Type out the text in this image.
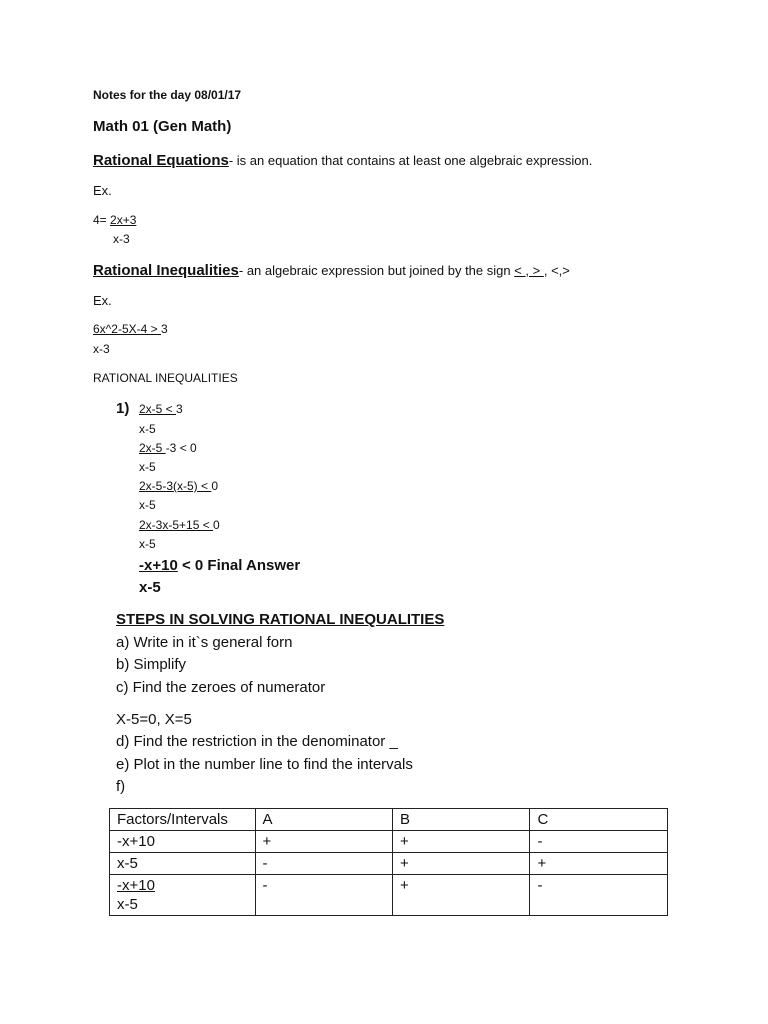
Notes for the day 08/01/17
Math 01 (Gen Math)
Rational Equations- is an equation that contains at least one algebraic expression.
Ex.
4= 2x+3
x-3
Rational Inequalities- an algebraic expression but joined by the sign < , > , <,>
Ex.
6x^2-5X-4 > 3
x-3
RATIONAL INEQUALITIES
1) 2x-5 < 3
x-5
2x-5 -3 < 0
x-5
2x-5-3(x-5) < 0
x-5
2x-3x-5+15 < 0
x-5
-x+10 < 0 Final Answer
x-5
STEPS IN SOLVING RATIONAL INEQUALITIES
a) Write in it`s general forn
b) Simplify
c) Find the zeroes of numerator
X-5=0, X=5
d) Find the restriction in the denominator _
e) Plot in the number line to find the intervals
f)
Factors/Intervals	A	B	C
-x+10	+	+	-
x-5	-	+	+

-x+10
x-5	-	+	-
